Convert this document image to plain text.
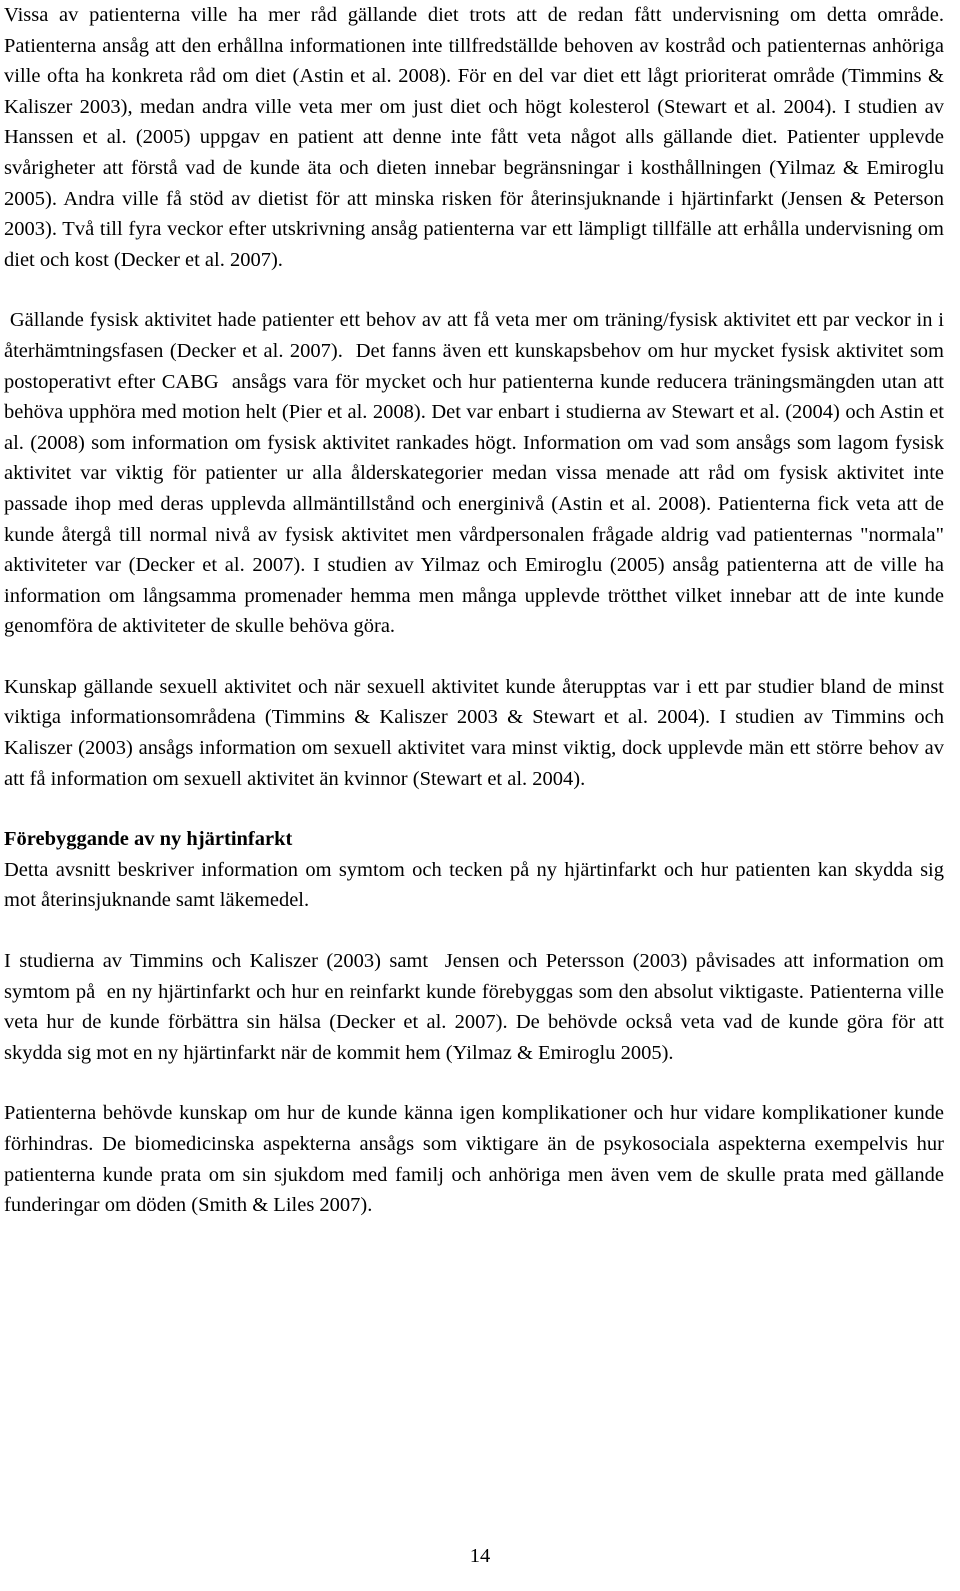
Vissa av patienterna ville ha mer råd gällande diet trots att de redan fått undervisning om detta område. Patienterna ansåg att den erhållna informationen inte tillfredställde behoven av kostråd och patienternas anhöriga ville ofta ha konkreta råd om diet (Astin et al. 2008). För en del var diet ett lågt prioriterat område (Timmins & Kaliszer 2003), medan andra ville veta mer om just diet och högt kolesterol (Stewart et al. 2004). I studien av Hanssen et al. (2005) uppgav en patient att denne inte fått veta något alls gällande diet. Patienter upplevde svårigheter att förstå vad de kunde äta och dieten innebar begränsningar i kosthållningen (Yilmaz & Emiroglu 2005). Andra ville få stöd av dietist för att minska risken för återinsjuknande i hjärtinfarkt (Jensen & Peterson 2003). Två till fyra veckor efter utskrivning ansåg patienterna var ett lämpligt tillfälle att erhålla undervisning om diet och kost (Decker et al. 2007).

Gällande fysisk aktivitet hade patienter ett behov av att få veta mer om träning/fysisk aktivitet ett par veckor in i återhämtningsfasen (Decker et al. 2007).  Det fanns även ett kunskapsbehov om hur mycket fysisk aktivitet som postoperativt efter CABG  ansågs vara för mycket och hur patienterna kunde reducera träningsmängden utan att behöva upphöra med motion helt (Pier et al. 2008). Det var enbart i studierna av Stewart et al. (2004) och Astin et al. (2008) som information om fysisk aktivitet rankades högt. Information om vad som ansågs som lagom fysisk aktivitet var viktig för patienter ur alla ålderskategorier medan vissa menade att råd om fysisk aktivitet inte passade ihop med deras upplevda allmäntillstånd och energinivå (Astin et al. 2008). Patienterna fick veta att de kunde återgå till normal nivå av fysisk aktivitet men vårdpersonalen frågade aldrig vad patienternas "normala" aktiviteter var (Decker et al. 2007). I studien av Yilmaz och Emiroglu (2005) ansåg patienterna att de ville ha information om långsamma promenader hemma men många upplevde trötthet vilket innebar att de inte kunde genomföra de aktiviteter de skulle behöva göra.

Kunskap gällande sexuell aktivitet och när sexuell aktivitet kunde återupptas var i ett par studier bland de minst viktiga informationsområdena (Timmins & Kaliszer 2003 & Stewart et al. 2004). I studien av Timmins och Kaliszer (2003) ansågs information om sexuell aktivitet vara minst viktig, dock upplevde män ett större behov av att få information om sexuell aktivitet än kvinnor (Stewart et al. 2004).

Förebyggande av ny hjärtinfarkt

Detta avsnitt beskriver information om symtom och tecken på ny hjärtinfarkt och hur patienten kan skydda sig mot återinsjuknande samt läkemedel.

I studierna av Timmins och Kaliszer (2003) samt  Jensen och Petersson (2003) påvisades att information om symtom på  en ny hjärtinfarkt och hur en reinfarkt kunde förebyggas som den absolut viktigaste. Patienterna ville veta hur de kunde förbättra sin hälsa (Decker et al. 2007). De behövde också veta vad de kunde göra för att skydda sig mot en ny hjärtinfarkt när de kommit hem (Yilmaz & Emiroglu 2005).

Patienterna behövde kunskap om hur de kunde känna igen komplikationer och hur vidare komplikationer kunde förhindras. De biomedicinska aspekterna ansågs som viktigare än de psykosociala aspekterna exempelvis hur patienterna kunde prata om sin sjukdom med familj och anhöriga men även vem de skulle prata med gällande funderingar om döden (Smith & Liles 2007).

14
